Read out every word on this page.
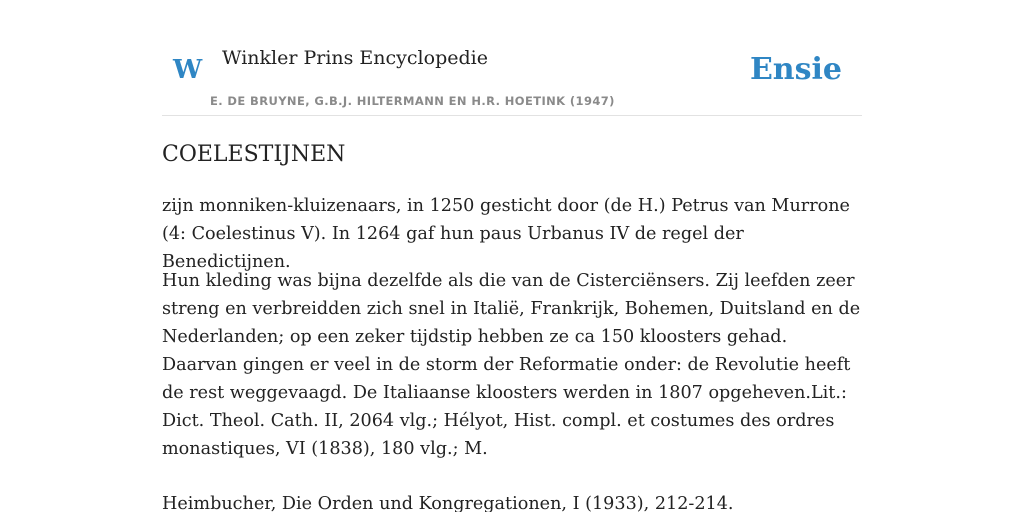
W Winkler Prins Encyclopedie
E. DE BRUYNE, G.B.J. HILTERMANN EN H.R. HOETINK (1947)
Ensie
COELESTIJNEN

zijn monniken-kluizenaars, in 1250 gesticht door (de H.) Petrus van Murrone (4: Coelestinus V). In 1264 gaf hun paus Urbanus IV de regel der Benedictijnen.

Hun kleding was bijna dezelfde als die van de Cisterciënsers. Zij leefden zeer streng en verbreidden zich snel in Italië, Frankrijk, Bohemen, Duitsland en de Nederlanden; op een zeker tijdstip hebben ze ca 150 kloosters gehad. Daarvan gingen er veel in de storm der Reformatie onder: de Revolutie heeft de rest weggevaagd. De Italiaanse kloosters werden in 1807 opgeheven.Lit.: Dict. Theol. Cath. II, 2064 vlg.; Hélyot, Hist. compl. et costumes des ordres monastiques, VI (1838), 180 vlg.; M.

Heimbucher, Die Orden und Kongregationen, I (1933), 212-214.
